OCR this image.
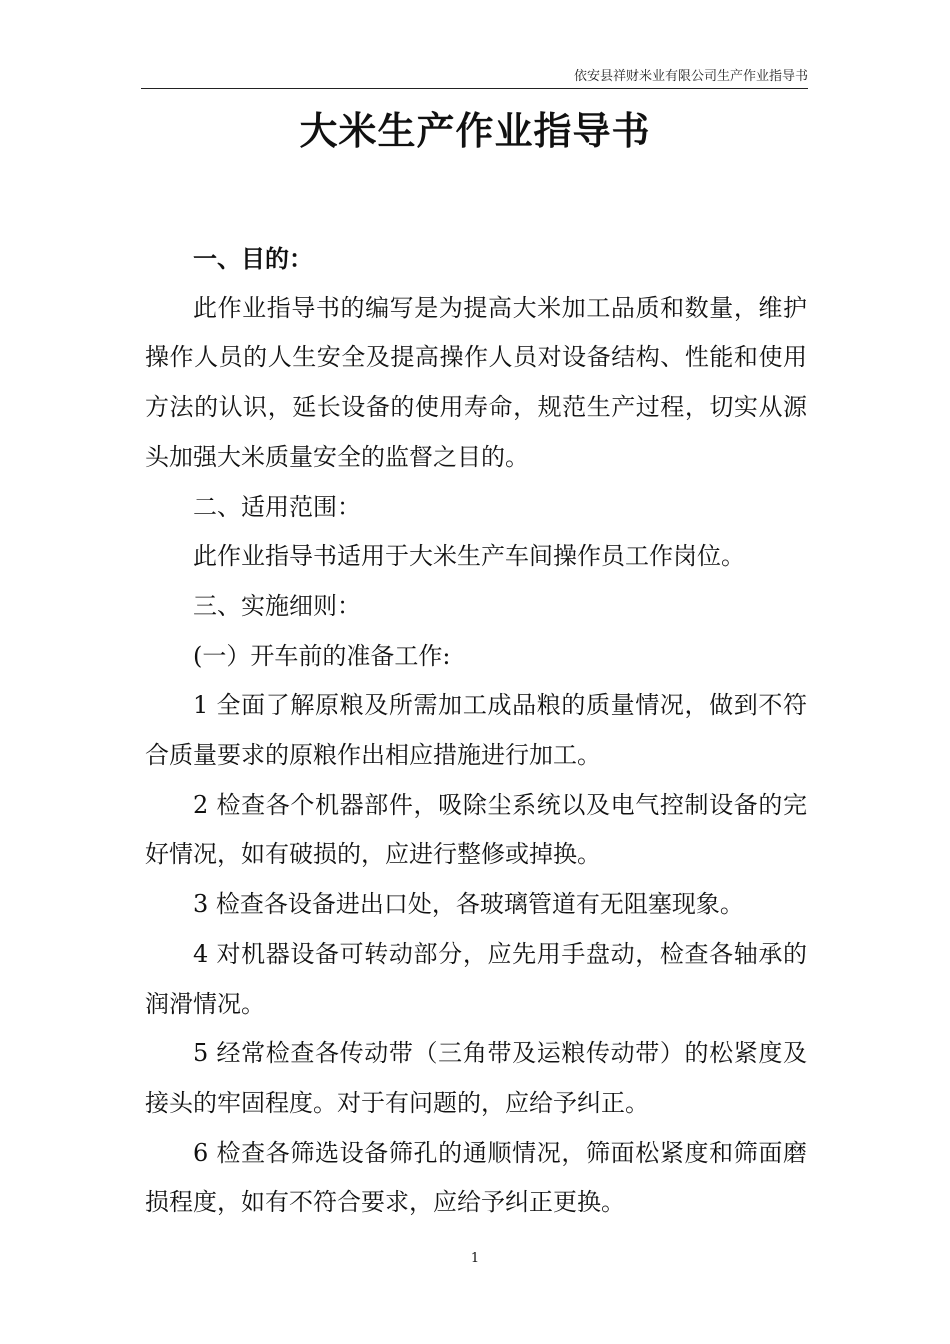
依安县祥财米业有限公司生产作业指导书
大米生产作业指导书

一、目的：

此作业指导书的编写是为提高大米加工品质和数量，维护操作人员的人生安全及提高操作人员对设备结构、性能和使用方法的认识，延长设备的使用寿命，规范生产过程，切实从源头加强大米质量安全的监督之目的。

二、适用范围：

此作业指导书适用于大米生产车间操作员工作岗位。

三、实施细则：

(一）开车前的准备工作:

1 全面了解原粮及所需加工成品粮的质量情况，做到不符合质量要求的原粮作出相应措施进行加工。

2 检查各个机器部件，吸除尘系统以及电气控制设备的完好情况，如有破损的，应进行整修或掉换。

3 检查各设备进出口处，各玻璃管道有无阻塞现象。

4 对机器设备可转动部分，应先用手盘动，检查各轴承的润滑情况。

5 经常检查各传动带（三角带及运粮传动带）的松紧度及接头的牢固程度。对于有问题的，应给予纠正。

6 检查各筛选设备筛孔的通顺情况，筛面松紧度和筛面磨损程度，如有不符合要求，应给予纠正更换。

1
